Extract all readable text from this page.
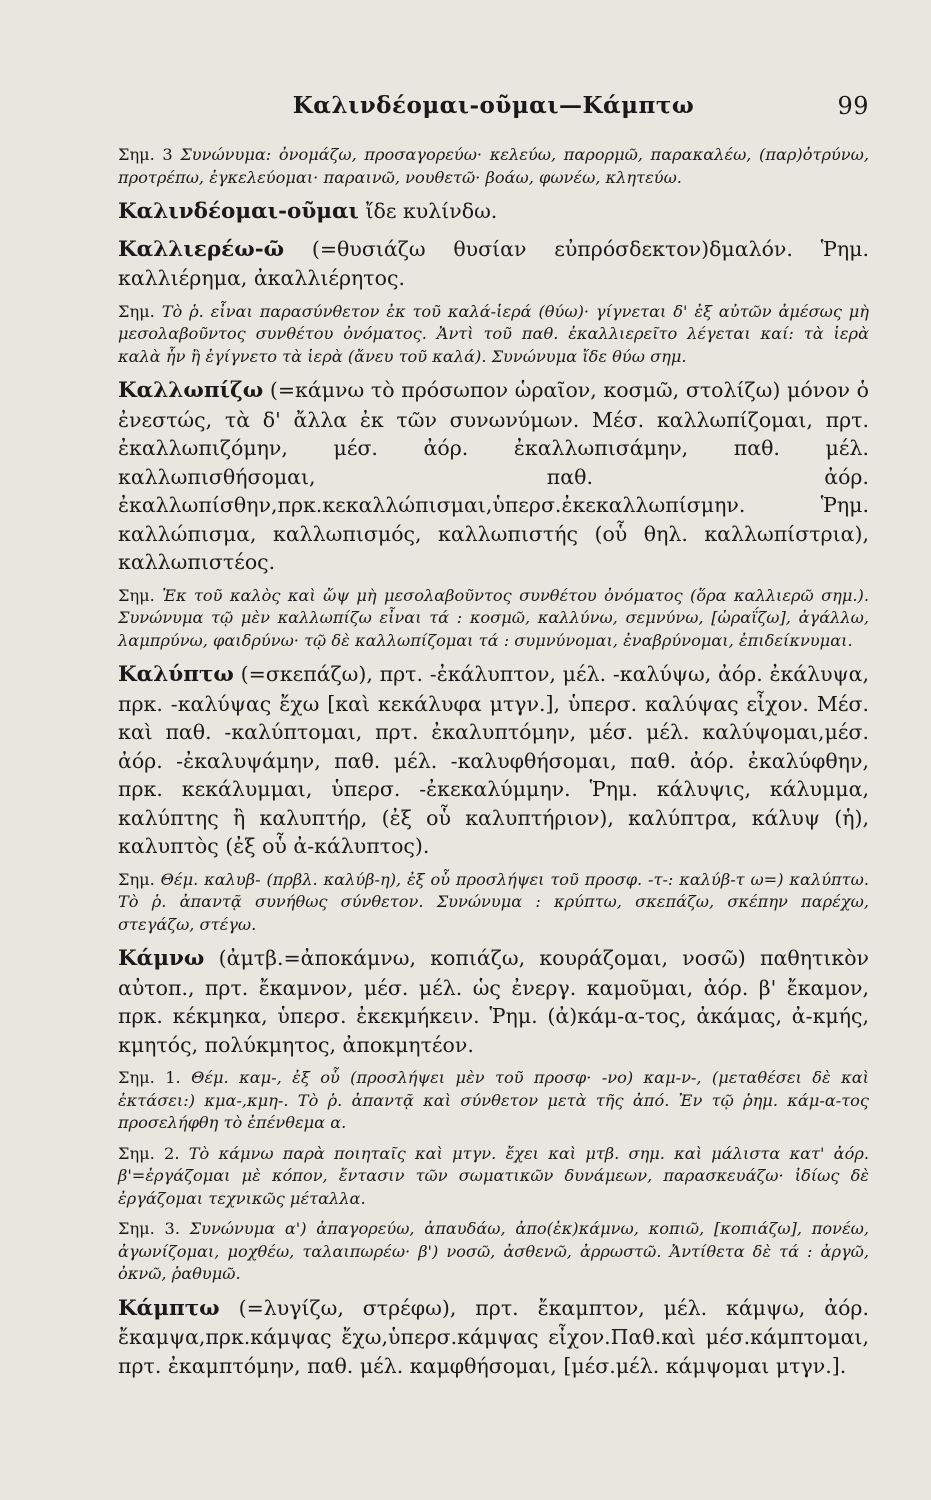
Καλινδέομαι-οῦμαι—Κάμπτω	99

Σημ. 3 Συνώνυμα: ὀνομάζω, προσαγορεύω· κελεύω, παρορμῶ, παρακαλέω, (παρ)ὀτρύνω, προτρέπω, ἐγκελεύομαι· παραινῶ, νουθετῶ· βοάω, φωνέω, κλητεύω.

Καλινδέομαι-οῦμαι ἴδε κυλίνδω.

Καλλιερέω-ῶ (=θυσιάζω θυσίαν εὐπρόσδεκτον)δμαλόν. Ῥημ. καλλιέρημα, ἀκαλλιέρητος.

Σημ. Τὸ ῥ. εἶναι παρασύνθετον ἐκ τοῦ καλά-ἱερά (θύω)· γίγνεται δ' ἐξ αὐτῶν ἀμέσως μὴ μεσολαβοῦντος συνθέτου ὀνόματος. Ἀντὶ τοῦ παθ. ἐκαλλιερεῖτο λέγεται καί: τὰ ἱερὰ καλὰ ἦν ἢ ἐγίγνετο τὰ ἱερὰ (ἄνευ τοῦ καλά). Συνώνυμα ἴδε θύω σημ.

Καλλωπίζω (=κάμνω τὸ πρόσωπον ὡραῖον, κοσμῶ, στολίζω) μόνον ὁ ἐνεστώς, τὰ δ' ἄλλα ἐκ τῶν συνωνύμων. Μέσ. καλλωπίζομαι, πρτ. ἐκαλλωπιζόμην, μέσ. ἀόρ. ἐκαλλωπισάμην, παθ. μέλ. καλλωπισθήσομαι, παθ. ἀόρ. ἐκαλλωπίσθην,πρκ.κεκαλλώπισμαι,ὑπερσ.ἐκεκαλλωπίσμην. Ῥημ. καλλώπισμα, καλλωπισμός, καλλωπιστής (οὗ θηλ. καλλωπίστρια), καλλωπιστέος.

Σημ. Ἐκ τοῦ καλὸς καὶ ὤψ μὴ μεσολαβοῦντος συνθέτου ὀνόματος (ὅρα καλλιερῶ σημ.). Συνώνυμα τῷ μὲν καλλωπίζω εἶναι τά : κοσμῶ, καλλύνω, σεμνύνω, [ὡραΐζω], ἀγάλλω, λαμπρύνω, φαιδρύνω· τῷ δὲ καλλωπίζομαι τά : συμνύνομαι, ἐναβρύνομαι, ἐπιδείκνυμαι.

Καλύπτω (=σκεπάζω), πρτ. -ἐκάλυπτον, μέλ. -καλύψω, ἀόρ. ἐκάλυψα, πρκ. -καλύψας ἔχω [καὶ κεκάλυφα μτγν.], ὑπερσ. καλύψας εἶχον. Μέσ. καὶ παθ. -καλύπτομαι, πρτ. ἐκαλυπτόμην, μέσ. μέλ. καλύψομαι,μέσ. ἀόρ. -ἐκαλυψάμην, παθ. μέλ. -καλυφθήσομαι, παθ. ἀόρ. ἐκαλύφθην, πρκ. κεκάλυμμαι, ὑπερσ. -ἐκεκαλύμμην. Ῥημ. κάλυψις, κάλυμμα, καλύπτης ἢ καλυπτήρ, (ἐξ οὗ καλυπτήριον), καλύπτρα, κάλυψ (ἡ), καλυπτὸς (ἐξ οὗ ἀ-κάλυπτος).

Σημ. Θέμ. καλυβ- (πρβλ. καλύβ-η), ἐξ οὗ προσλήψει τοῦ προσφ. -τ-: καλύβ-τ ω=) καλύπτω. Τὸ ῥ. ἀπαντᾷ συνήθως σύνθετον. Συνώνυμα : κρύπτω, σκεπάζω, σκέπην παρέχω, στεγάζω, στέγω.

Κάμνω (ἀμτβ.=ἀποκάμνω, κοπιάζω, κουράζομαι, νοσῶ) παθητικὸν αὐτοπ., πρτ. ἔκαμνον, μέσ. μέλ. ὡς ἐνεργ. καμοῦμαι, ἀόρ. β' ἔκαμον, πρκ. κέκμηκα, ὑπερσ. ἐκεκμήκειν. Ῥημ. (ἀ)κάμ-α-τος, ἀκάμας, ἀ-κμής, κμητός, πολύκμητος, ἀποκμητέον.

Σημ. 1. Θέμ. καμ-, ἐξ οὗ (προσλήψει μὲν τοῦ προσφ· -νο) καμ-ν-, (μεταθέσει δὲ καὶ ἐκτάσει:) κμα-,κμη-. Τὸ ῥ. ἀπαντᾷ καὶ σύνθετον μετὰ τῆς ἀπό. Ἐν τῷ ῥημ. κάμ-α-τος προσελήφθη τὸ ἐπένθεμα α.

Σημ. 2. Τὸ κάμνω παρὰ ποιηταῖς καὶ μτγν. ἔχει καὶ μτβ. σημ. καὶ μάλιστα κατ' ἀόρ. β'=ἐργάζομαι μὲ κόπον, ἔντασιν τῶν σωματικῶν δυνάμεων, παρασκευάζω· ἰδίως δὲ ἐργάζομαι τεχνικῶς μέταλλα.

Σημ. 3. Συνώνυμα α') ἀπαγορεύω, ἀπαυδάω, ἀπο(ἐκ)κάμνω, κοπιῶ, [κοπιάζω], πονέω, ἀγωνίζομαι, μοχθέω, ταλαιπωρέω· β') νοσῶ, ἀσθενῶ, ἀρρωστῶ. Ἀντίθετα δὲ τά : ἀργῶ, ὀκνῶ, ῥαθυμῶ.

Κάμπτω (=λυγίζω, στρέφω), πρτ. ἔκαμπτον, μέλ. κάμψω, ἀόρ. ἔκαμψα,πρκ.κάμψας ἔχω,ὑπερσ.κάμψας εἶχον.Παθ.καὶ μέσ.κάμπτομαι, πρτ. ἐκαμπτόμην, παθ. μέλ. καμφθήσομαι, [μέσ.μέλ. κάμψομαι μτγν.].
